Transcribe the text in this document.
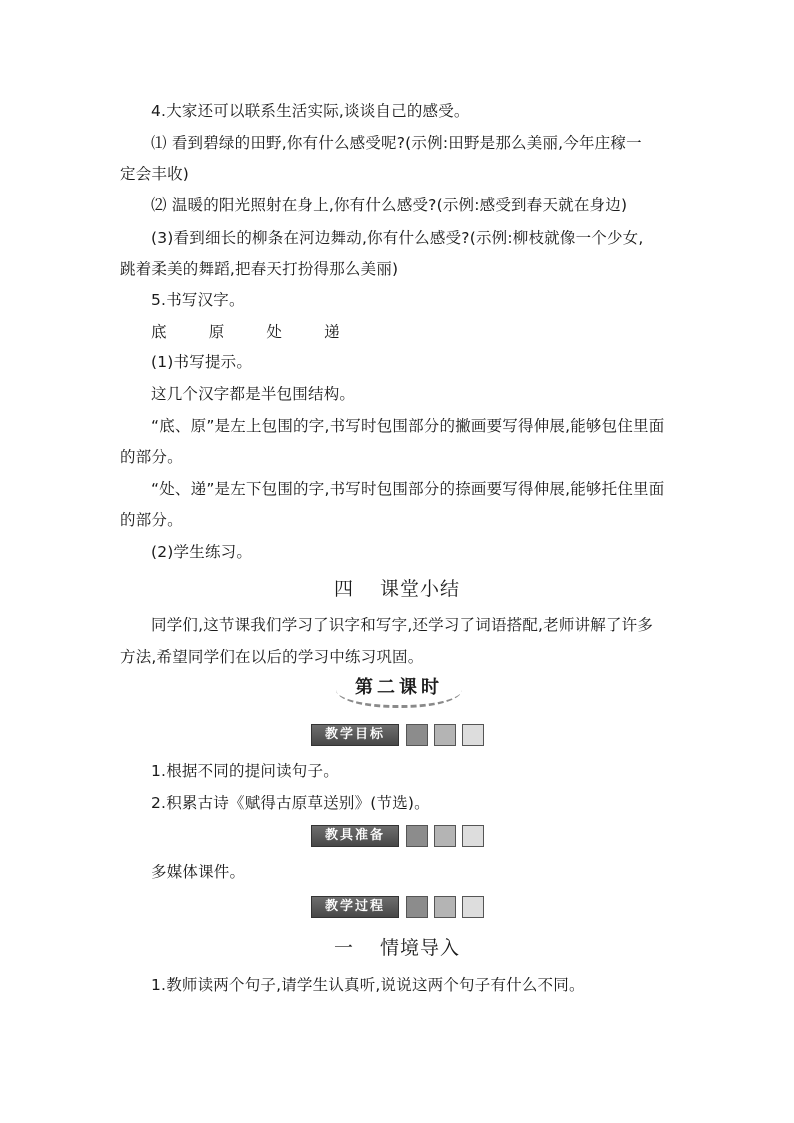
4.大家还可以联系生活实际,谈谈自己的感受。
⑴ 看到碧绿的田野,你有什么感受呢?(示例:田野是那么美丽,今年庄稼一
定会丰收)
⑵ 温暖的阳光照射在身上,你有什么感受?(示例:感受到春天就在身边)
(3)看到细长的柳条在河边舞动,你有什么感受?(示例:柳枝就像一个少女,
跳着柔美的舞蹈,把春天打扮得那么美丽)
5.书写汉字。
底	原	处	递
(1)书写提示。
这几个汉字都是半包围结构。
“底、原”是左上包围的字,书写时包围部分的撇画要写得伸展,能够包住里面
的部分。
“处、递”是左下包围的字,书写时包围部分的捺画要写得伸展,能够托住里面
的部分。
(2)学生练习。
四 课堂小结
同学们,这节课我们学习了识字和写字,还学习了词语搭配,老师讲解了许多
方法,希望同学们在以后的学习中练习巩固。
第二课时
教学目标
1.根据不同的提问读句子。
2.积累古诗《赋得古原草送别》(节选)。
教具准备
多媒体课件。
教学过程
一 情境导入
1.教师读两个句子,请学生认真听,说说这两个句子有什么不同。
